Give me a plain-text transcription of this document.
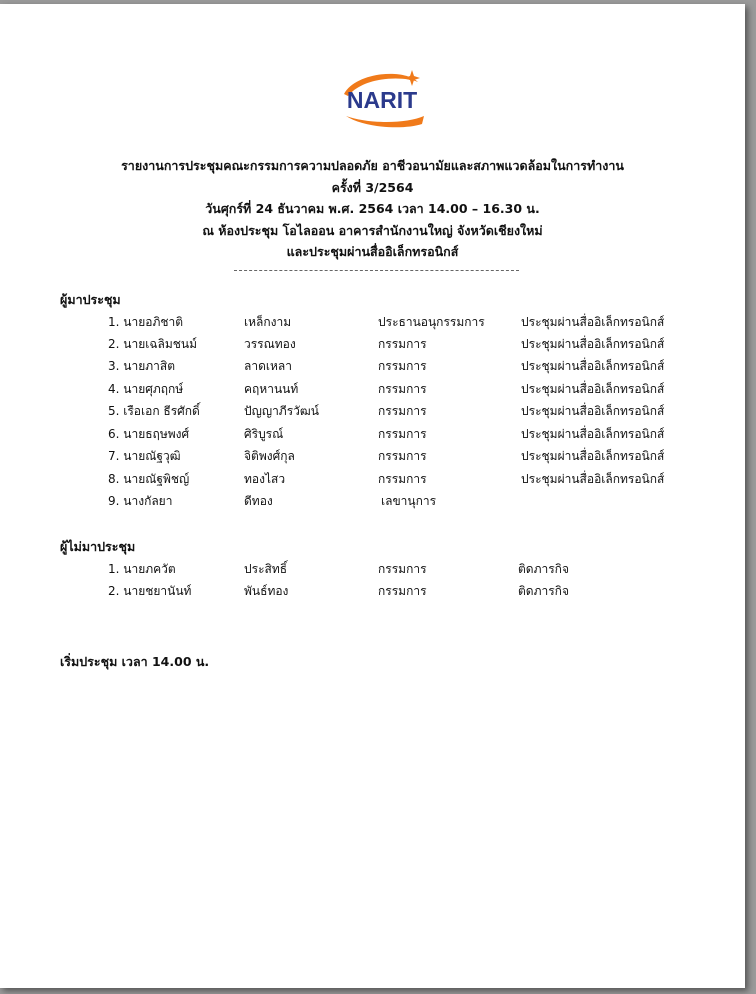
NARIT
รายงานการประชุมคณะกรรมการความปลอดภัย อาชีวอนามัยและสภาพแวดล้อมในการทำงาน
ครั้งที่ 3/2564
วันศุกร์ที่ 24 ธันวาคม พ.ศ. 2564 เวลา 14.00 – 16.30 น.
ณ ห้องประชุม โอไลออน อาคารสำนักงานใหญ่ จังหวัดเชียงใหม่
และประชุมผ่านสื่ออิเล็กทรอนิกส์
ผู้มาประชุม
1. นายอภิชาติ	เหล็กงาม	ประธานอนุกรรมการ	ประชุมผ่านสื่ออิเล็กทรอนิกส์
2. นายเฉลิมชนม์	วรรณทอง	กรรมการ	ประชุมผ่านสื่ออิเล็กทรอนิกส์
3. นายภาสิต	ลาดเหลา	กรรมการ	ประชุมผ่านสื่ออิเล็กทรอนิกส์
4. นายศุภฤกษ์	คฤหานนท์	กรรมการ	ประชุมผ่านสื่ออิเล็กทรอนิกส์
5. เรือเอก ธีรศักดิ์	ปัญญาภีรวัฒน์	กรรมการ	ประชุมผ่านสื่ออิเล็กทรอนิกส์
6. นายธฤษพงศ์	ศิริบูรณ์	กรรมการ	ประชุมผ่านสื่ออิเล็กทรอนิกส์
7. นายณัฐวุฒิ	จิติพงศ์กุล	กรรมการ	ประชุมผ่านสื่ออิเล็กทรอนิกส์
8. นายณัฐพิชญ์	ทองไสว	กรรมการ	ประชุมผ่านสื่ออิเล็กทรอนิกส์
9. นางกัลยา	ดีทอง	เลขานุการ
ผู้ไม่มาประชุม
1. นายภควัต	ประสิทธิ์	กรรมการ	ติดภารกิจ
2. นายชยานันท์	พันธ์ทอง	กรรมการ	ติดภารกิจ
เริ่มประชุม เวลา 14.00 น.
